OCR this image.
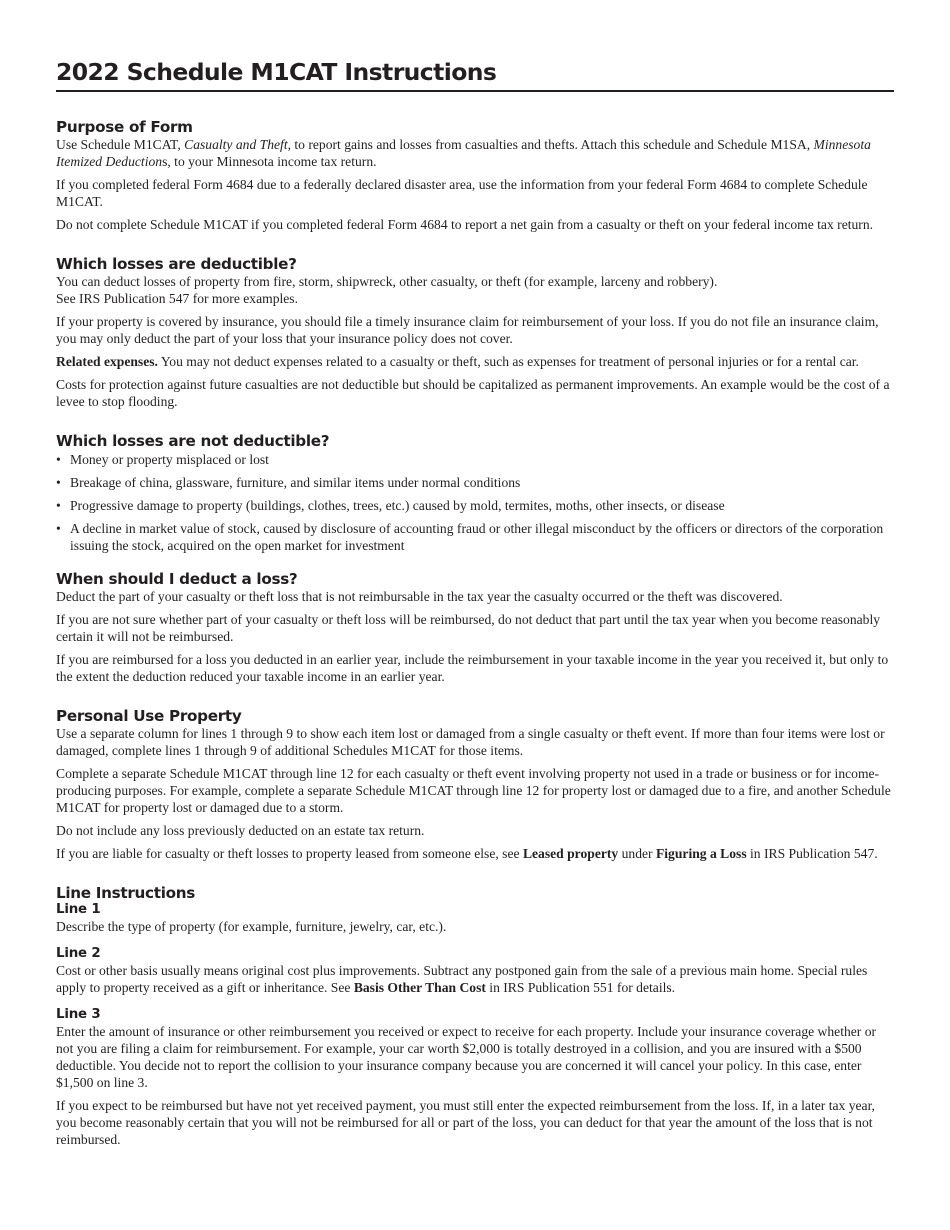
2022 Schedule M1CAT Instructions
Purpose of Form

Use Schedule M1CAT, Casualty and Theft, to report gains and losses from casualties and thefts. Attach this schedule and Schedule M1SA, Minnesota Itemized Deductions, to your Minnesota income tax return.

If you completed federal Form 4684 due to a federally declared disaster area, use the information from your federal Form 4684 to complete Schedule M1CAT.

Do not complete Schedule M1CAT if you completed federal Form 4684 to report a net gain from a casualty or theft on your federal income tax return.

Which losses are deductible?

You can deduct losses of property from fire, storm, shipwreck, other casualty, or theft (for example, larceny and robbery).
See IRS Publication 547 for more examples.

If your property is covered by insurance, you should file a timely insurance claim for reimbursement of your loss. If you do not file an insurance claim, you may only deduct the part of your loss that your insurance policy does not cover.

Related expenses. You may not deduct expenses related to a casualty or theft, such as expenses for treatment of personal injuries or for a rental car.

Costs for protection against future casualties are not deductible but should be capitalized as permanent improvements. An example would be the cost of a levee to stop flooding.

Which losses are not deductible?
• Money or property misplaced or lost
• Breakage of china, glassware, furniture, and similar items under normal conditions
• Progressive damage to property (buildings, clothes, trees, etc.) caused by mold, termites, moths, other insects, or disease
• A decline in market value of stock, caused by disclosure of accounting fraud or other illegal misconduct by the officers or directors of the corporation issuing the stock, acquired on the open market for investment
When should I deduct a loss?

Deduct the part of your casualty or theft loss that is not reimbursable in the tax year the casualty occurred or the theft was discovered.

If you are not sure whether part of your casualty or theft loss will be reimbursed, do not deduct that part until the tax year when you become reasonably certain it will not be reimbursed.

If you are reimbursed for a loss you deducted in an earlier year, include the reimbursement in your taxable income in the year you received it, but only to the extent the deduction reduced your taxable income in an earlier year.

Personal Use Property

Use a separate column for lines 1 through 9 to show each item lost or damaged from a single casualty or theft event. If more than four items were lost or damaged, complete lines 1 through 9 of additional Schedules M1CAT for those items.

Complete a separate Schedule M1CAT through line 12 for each casualty or theft event involving property not used in a trade or business or for income-producing purposes. For example, complete a separate Schedule M1CAT through line 12 for property lost or damaged due to a fire, and another Schedule M1CAT for property lost or damaged due to a storm.

Do not include any loss previously deducted on an estate tax return.

If you are liable for casualty or theft losses to property leased from someone else, see Leased property under Figuring a Loss in IRS Publication 547.

Line Instructions
Line 1

Describe the type of property (for example, furniture, jewelry, car, etc.).

Line 2

Cost or other basis usually means original cost plus improvements. Subtract any postponed gain from the sale of a previous main home. Special rules apply to property received as a gift or inheritance. See Basis Other Than Cost in IRS Publication 551 for details.

Line 3

Enter the amount of insurance or other reimbursement you received or expect to receive for each property. Include your insurance coverage whether or not you are filing a claim for reimbursement. For example, your car worth $2,000 is totally destroyed in a collision, and you are insured with a $500 deductible. You decide not to report the collision to your insurance company because you are concerned it will cancel your policy. In this case, enter $1,500 on line 3.

If you expect to be reimbursed but have not yet received payment, you must still enter the expected reimbursement from the loss. If, in a later tax year, you become reasonably certain that you will not be reimbursed for all or part of the loss, you can deduct for that year the amount of the loss that is not reimbursed.
